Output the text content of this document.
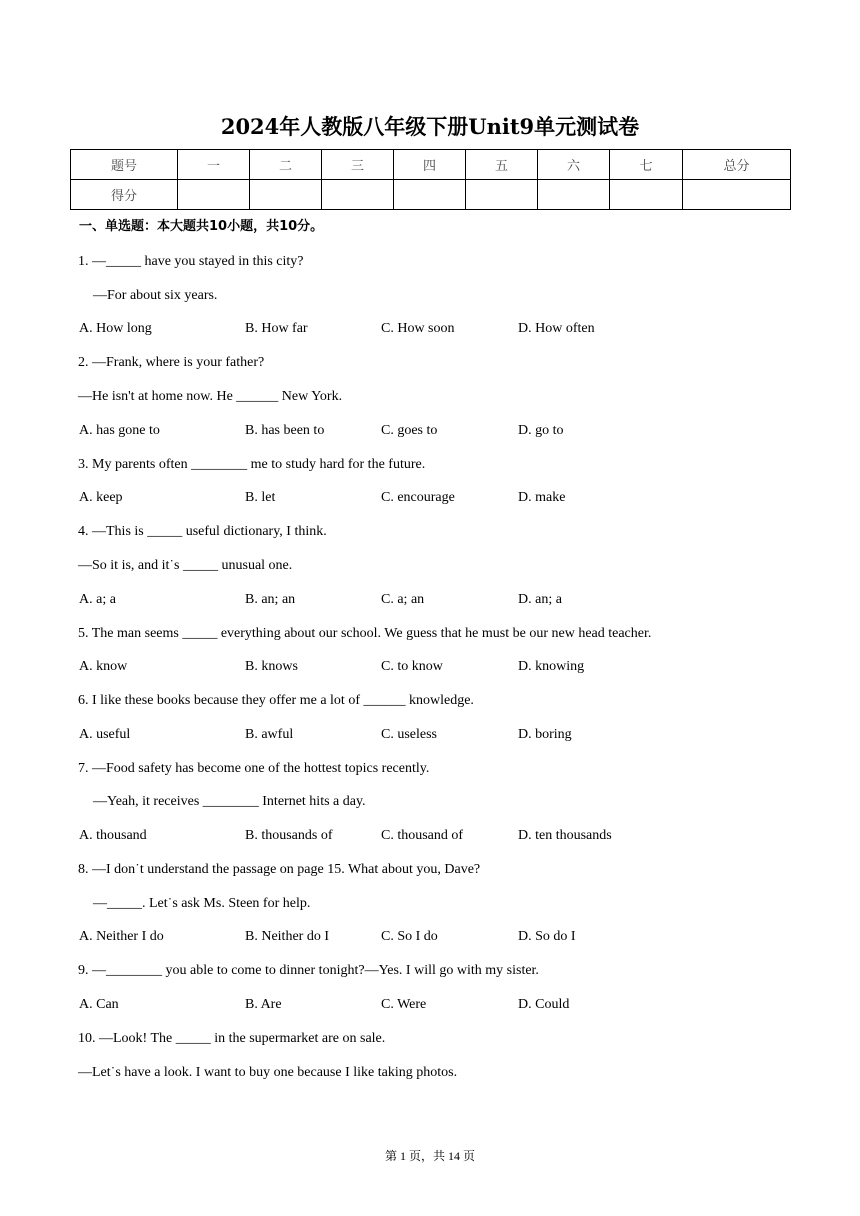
2024年人教版八年级下册Unit9单元测试卷
题号	一	二	三	四	五	六	七	总分
得分								
一、单选题：本大题共10小题，共10分。
1. —_____ have you stayed in this city?
—For about six years.
A. How long	B. How far	C. How soon	D. How often
2. —Frank, where is your father?
—He isn't at home now. He ______ New York.
A. has gone to	B. has been to	C. goes to	D. go to
3. My parents often ________ me to study hard for the future.
A. keep	B. let	C. encourage	D. make
4. —This is _____ useful dictionary, I think.
—So it is, and it˙s _____ unusual one.
A. a; a	B. an; an	C. a; an	D. an; a
5. The man seems _____ everything about our school. We guess that he must be our new head teacher.
A. know	B. knows	C. to know	D. knowing
6. I like these books because they offer me a lot of ______ knowledge.
A. useful	B. awful	C. useless	D. boring
7. —Food safety has become one of the hottest topics recently.
—Yeah, it receives ________ Internet hits a day.
A. thousand	B. thousands of	C. thousand of	D. ten thousands
8. —I don˙t understand the passage on page 15. What about you, Dave?
—_____. Let˙s ask Ms. Steen for help.
A. Neither I do	B. Neither do I	C. So I do	D. So do I
9. —________ you able to come to dinner tonight?—Yes. I will go with my sister.
A. Can	B. Are	C. Were	D. Could
10. —Look! The _____ in the supermarket are on sale.
—Let˙s have a look. I want to buy one because I like taking photos.
第 1 页，共 14 页
